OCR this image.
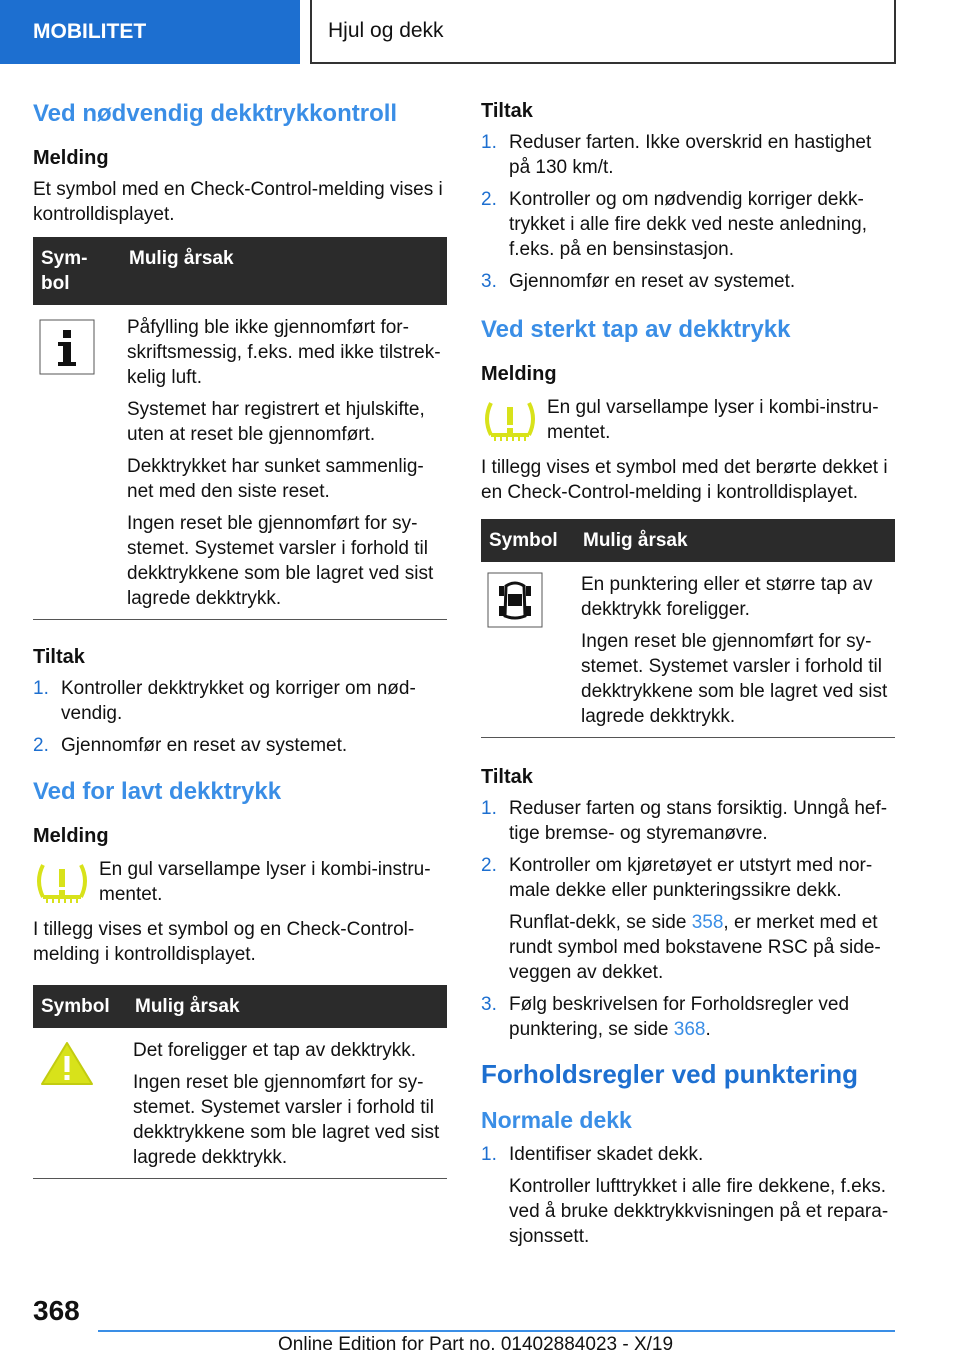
MOBILITET	Hjul og dekk
Ved nødvendig dekktrykkontroll
Melding

Et symbol med en Check-Control-melding vises i kontrolldisplayet.

Sym-bol	Mulig årsak

Påfylling ble ikke gjennomført for-skriftsmessig, f.eks. med ikke tilstrek-kelig luft.

Systemet har registrert et hjulskifte, uten at reset ble gjennomført.

Dekktrykket har sunket sammenlig-net med den siste reset.

Ingen reset ble gjennomført for sy-stemet. Systemet varsler i forhold til dekktrykkene som ble lagret ved sist lagrede dekktrykk.

Tiltak
1. Kontroller dekktrykket og korriger om nød-vendig.
2. Gjennomfør en reset av systemet.
Ved for lavt dekktrykk
Melding

En gul varsellampe lyser i kombi-instru-mentet.

I tillegg vises et symbol og en Check-Control-melding i kontrolldisplayet.

Symbol	Mulig årsak

Det foreligger et tap av dekktrykk.

Ingen reset ble gjennomført for sy-stemet. Systemet varsler i forhold til dekktrykkene som ble lagret ved sist lagrede dekktrykk.

Tiltak
1. Reduser farten. Ikke overskrid en hastighet på 130 km/t.
2. Kontroller og om nødvendig korriger dekk-trykket i alle fire dekk ved neste anledning, f.eks. på en bensinstasjon.
3. Gjennomfør en reset av systemet.
Ved sterkt tap av dekktrykk
Melding

En gul varsellampe lyser i kombi-instru-mentet.

I tillegg vises et symbol med det berørte dekket i en Check-Control-melding i kontrolldisplayet.

Symbol	Mulig årsak

En punktering eller et større tap av dekktrykk foreligger.

Ingen reset ble gjennomført for sy-stemet. Systemet varsler i forhold til dekktrykkene som ble lagret ved sist lagrede dekktrykk.

Tiltak
1. Reduser farten og stans forsiktig. Unngå hef-tige bremse- og styremanøvre.
2. Kontroller om kjøretøyet er utstyrt med nor-male dekke eller punkteringssikre dekk.

Runflat-dekk, se side 358, er merket med et rundt symbol med bokstavene RSC på side-veggen av dekket.

3. Følg beskrivelsen for Forholdsregler ved punktering, se side 368.
Forholdsregler ved punktering
Normale dekk
1. Identifiser skadet dekk.

Kontroller lufttrykket i alle fire dekkene, f.eks. ved å bruke dekktrykkvisningen på et repara-sjonssett.

368
Online Edition for Part no. 01402884023 - X/19
